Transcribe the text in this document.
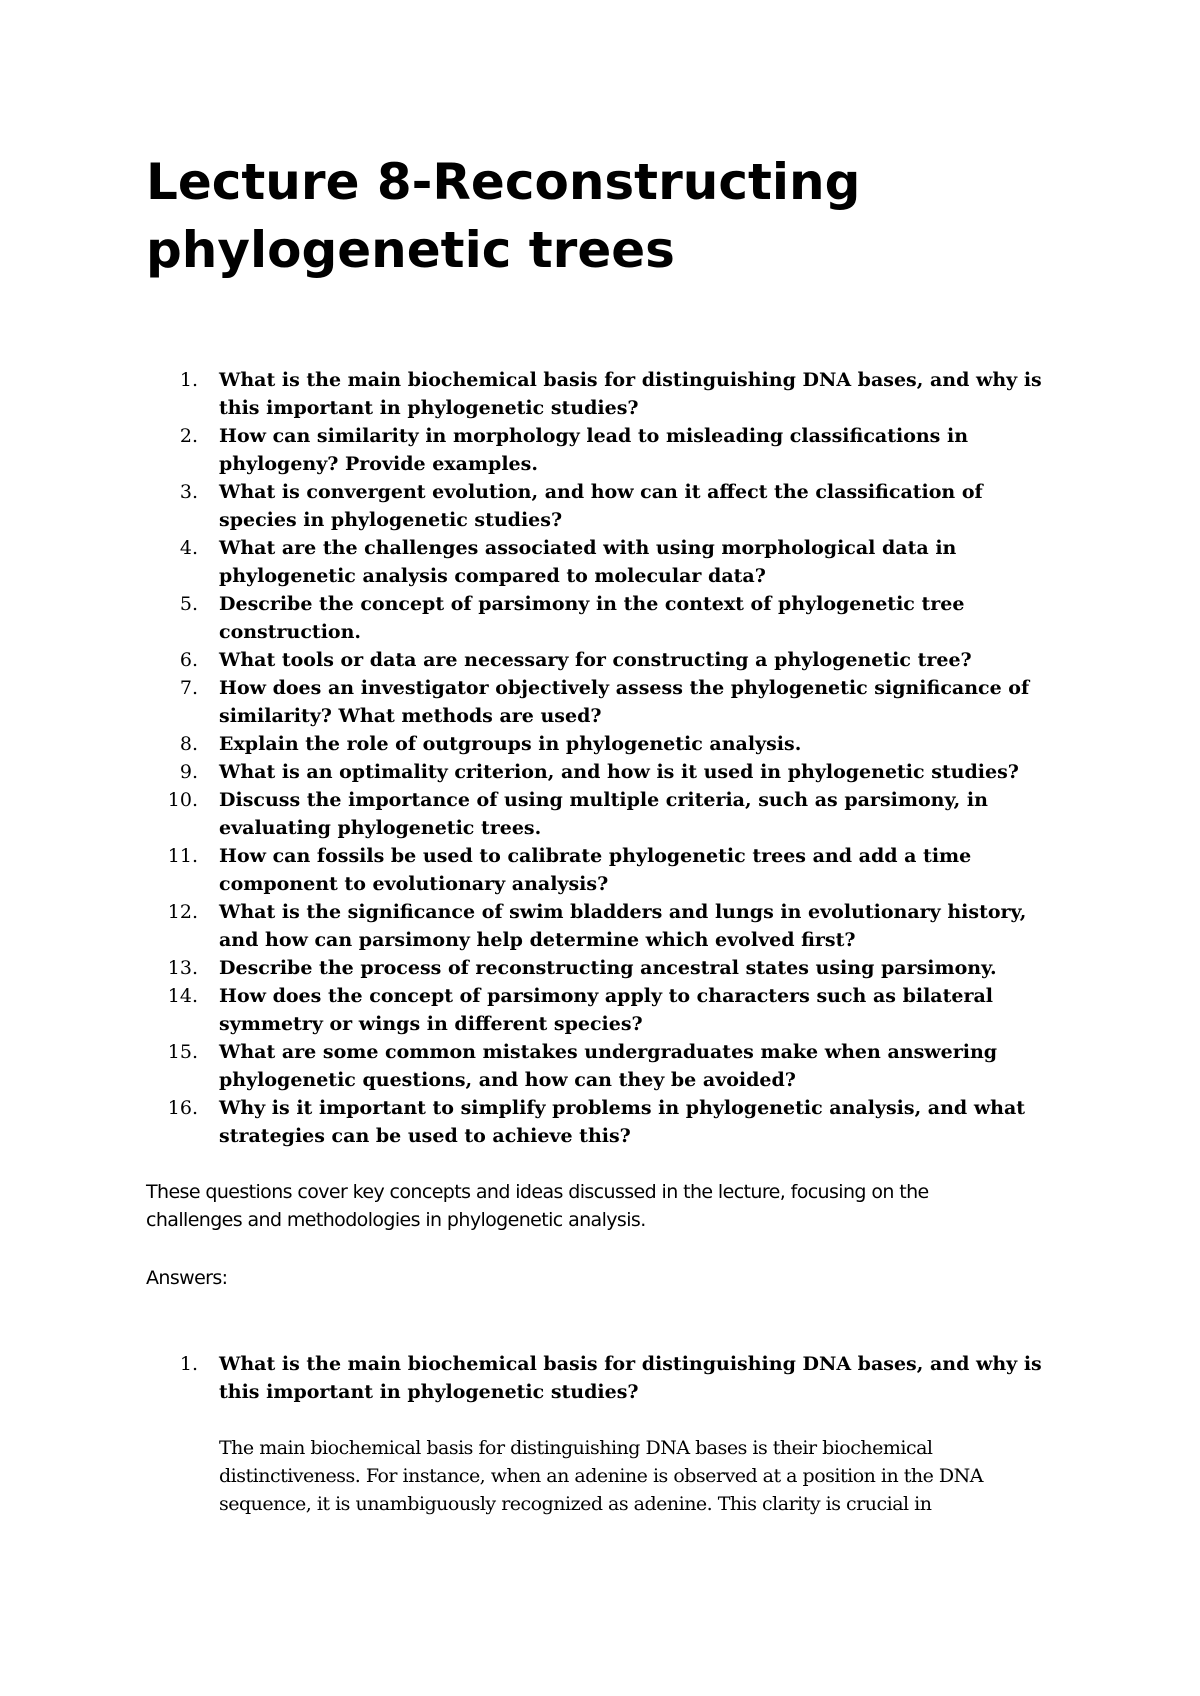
Lecture 8-Reconstructing phylogenetic trees
1. What is the main biochemical basis for distinguishing DNA bases, and why is this important in phylogenetic studies?
2. How can similarity in morphology lead to misleading classifications in phylogeny? Provide examples.
3. What is convergent evolution, and how can it affect the classification of species in phylogenetic studies?
4. What are the challenges associated with using morphological data in phylogenetic analysis compared to molecular data?
5. Describe the concept of parsimony in the context of phylogenetic tree construction.
6. What tools or data are necessary for constructing a phylogenetic tree?
7. How does an investigator objectively assess the phylogenetic significance of similarity? What methods are used?
8. Explain the role of outgroups in phylogenetic analysis.
9. What is an optimality criterion, and how is it used in phylogenetic studies?
10. Discuss the importance of using multiple criteria, such as parsimony, in evaluating phylogenetic trees.
11. How can fossils be used to calibrate phylogenetic trees and add a time component to evolutionary analysis?
12. What is the significance of swim bladders and lungs in evolutionary history, and how can parsimony help determine which evolved first?
13. Describe the process of reconstructing ancestral states using parsimony.
14. How does the concept of parsimony apply to characters such as bilateral symmetry or wings in different species?
15. What are some common mistakes undergraduates make when answering phylogenetic questions, and how can they be avoided?
16. Why is it important to simplify problems in phylogenetic analysis, and what strategies can be used to achieve this?

These questions cover key concepts and ideas discussed in the lecture, focusing on the challenges and methodologies in phylogenetic analysis.

Answers:

1. What is the main biochemical basis for distinguishing DNA bases, and why is this important in phylogenetic studies?

The main biochemical basis for distinguishing DNA bases is their biochemical distinctiveness. For instance, when an adenine is observed at a position in the DNA sequence, it is unambiguously recognized as adenine. This clarity is crucial in
